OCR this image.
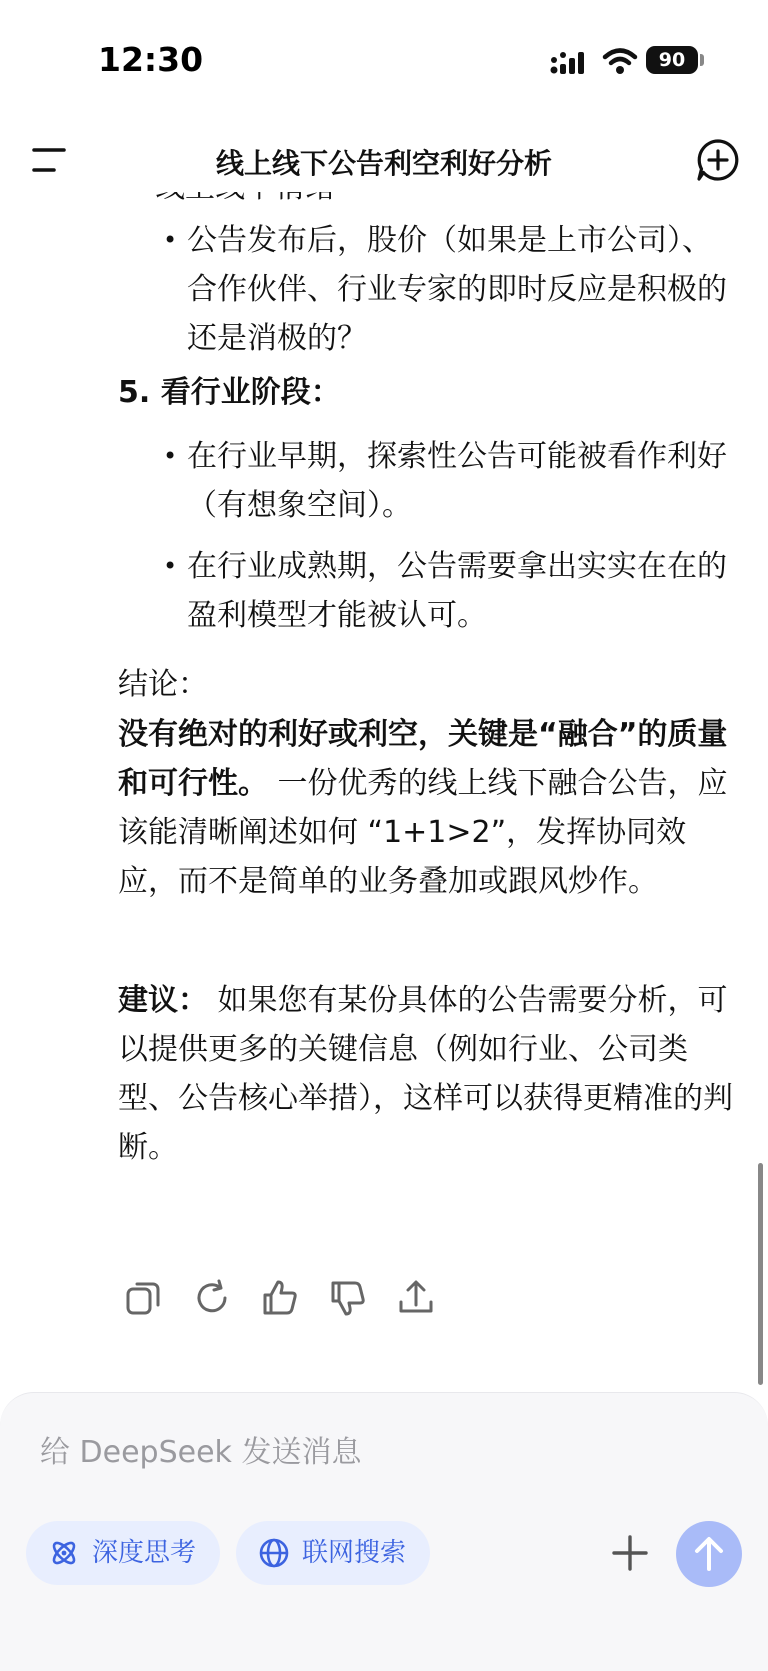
12:30	90
线上线下公告利空利好分析
• 公告发布后，股价（如果是上市公司）、合作伙伴、行业专家的即时反应是积极的还是消极的？
5. 看行业阶段：
• 在行业早期，探索性公告可能被看作利好（有想象空间）。
• 在行业成熟期，公告需要拿出实实在在的盈利模型才能被认可。
结论：
没有绝对的利好或利空，关键是“融合”的质量和可行性。 一份优秀的线上线下融合公告，应该能清晰阐述如何 “1+1>2”，发挥协同效应，而不是简单的业务叠加或跟风炒作。
建议： 如果您有某份具体的公告需要分析，可以提供更多的关键信息（例如行业、公司类型、公告核心举措），这样可以获得更精准的判断。
给 DeepSeek 发送消息
深度思考	联网搜索
